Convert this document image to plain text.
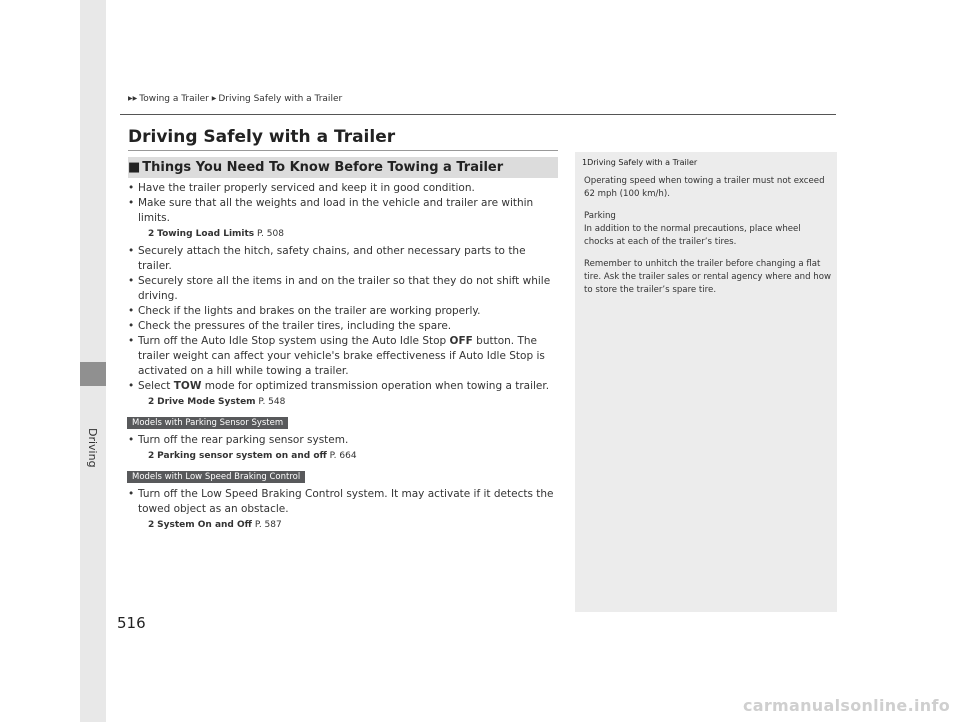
Driving
▶▶ Towing a Trailer ▶ Driving Safely with a Trailer
Driving Safely with a Trailer
■ Things You Need To Know Before Towing a Trailer
• Have the trailer properly serviced and keep it in good condition.
• Make sure that all the weights and load in the vehicle and trailer are within limits.
2 Towing Load Limits P. 508
• Securely attach the hitch, safety chains, and other necessary parts to the trailer.
• Securely store all the items in and on the trailer so that they do not shift while driving.
• Check if the lights and brakes on the trailer are working properly.
• Check the pressures of the trailer tires, including the spare.
• Turn off the Auto Idle Stop system using the Auto Idle Stop OFF button. The trailer weight can affect your vehicle's brake effectiveness if Auto Idle Stop is activated on a hill while towing a trailer.
• Select TOW mode for optimized transmission operation when towing a trailer.
2 Drive Mode System P. 548
Models with Parking Sensor System
• Turn off the rear parking sensor system.
2 Parking sensor system on and off P. 664
Models with Low Speed Braking Control
• Turn off the Low Speed Braking Control system. It may activate if it detects the towed object as an obstacle.
2 System On and Off P. 587
1Driving Safely with a Trailer

Operating speed when towing a trailer must not exceed 62 mph (100 km/h).

Parking

In addition to the normal precautions, place wheel chocks at each of the trailer’s tires.

Remember to unhitch the trailer before changing a flat tire. Ask the trailer sales or rental agency where and how to store the trailer’s spare tire.

516
carmanualsonline.info
